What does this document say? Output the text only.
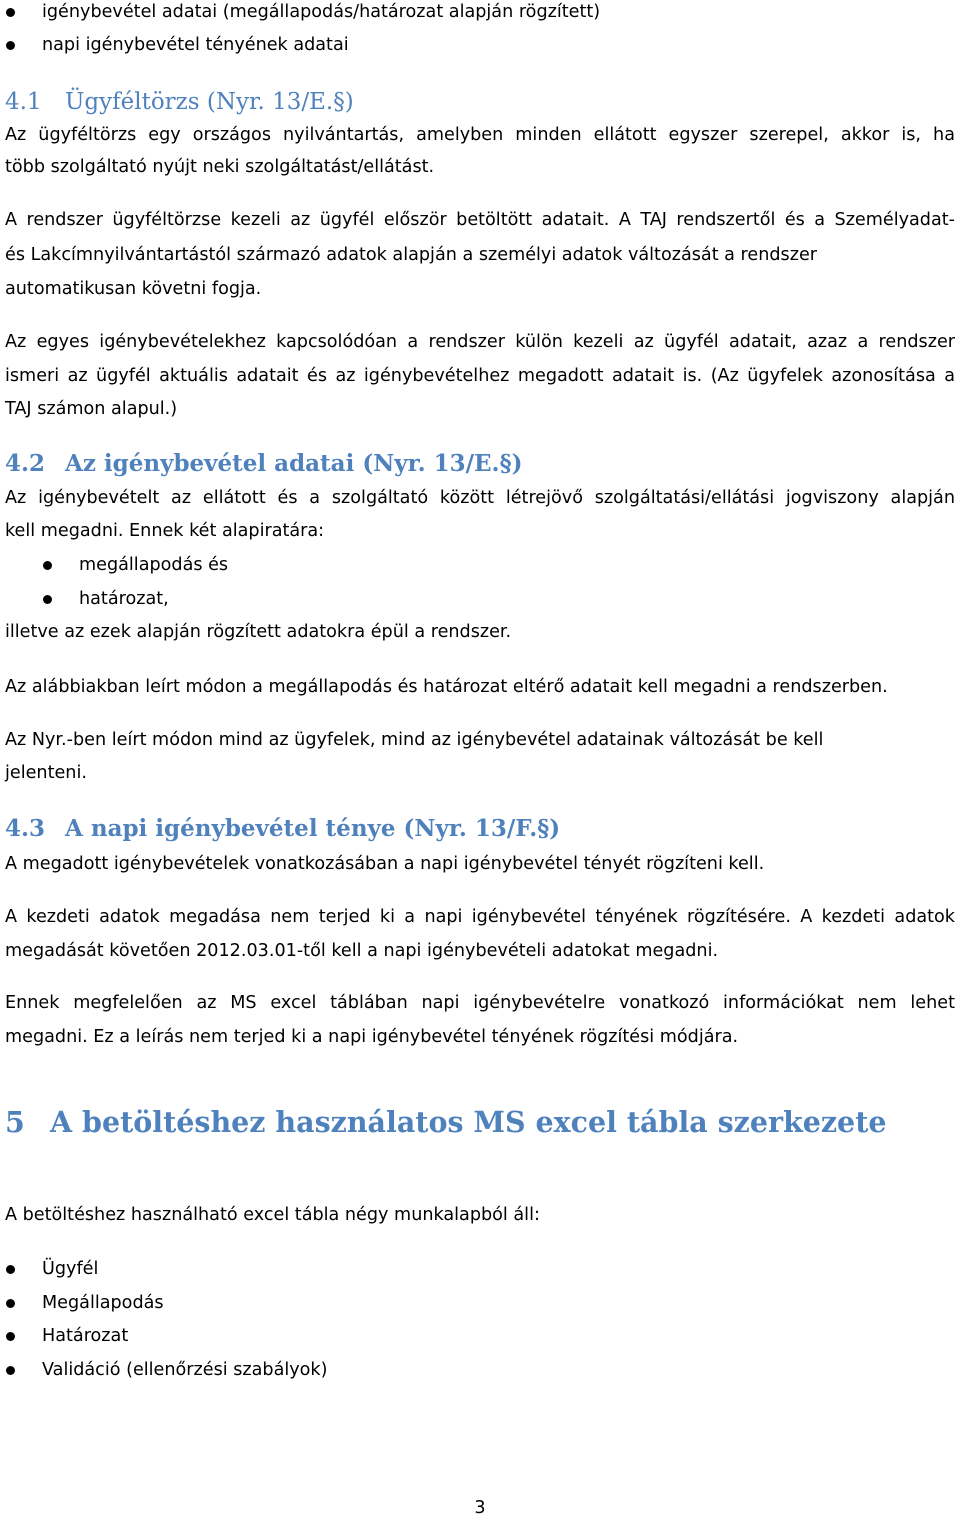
igénybevétel adatai (megállapodás/határozat alapján rögzített)
napi igénybevétel tényének adatai
4.1 Ügyféltörzs (Nyr. 13/E.§)
Az ügyféltörzs egy országos nyilvántartás, amelyben minden ellátott egyszer szerepel, akkor is, ha
több szolgáltató nyújt neki szolgáltatást/ellátást.
A rendszer ügyféltörzse kezeli az ügyfél először betöltött adatait. A TAJ rendszertől és a Személyadat-
és Lakcímnyilvántartástól származó adatok alapján a személyi adatok változását a rendszer
automatikusan követni fogja.
Az egyes igénybevételekhez kapcsolódóan a rendszer külön kezeli az ügyfél adatait, azaz a rendszer
ismeri az ügyfél aktuális adatait és az igénybevételhez megadott adatait is. (Az ügyfelek azonosítása a
TAJ számon alapul.)
4.2 Az igénybevétel adatai (Nyr. 13/E.§)
Az igénybevételt az ellátott és a szolgáltató között létrejövő szolgáltatási/ellátási jogviszony alapján
kell megadni. Ennek két alapiratára:
megállapodás és
határozat,
illetve az ezek alapján rögzített adatokra épül a rendszer.
Az alábbiakban leírt módon a megállapodás és határozat eltérő adatait kell megadni a rendszerben.
Az Nyr.-ben leírt módon mind az ügyfelek, mind az igénybevétel adatainak változását be kell
jelenteni.
4.3 A napi igénybevétel ténye (Nyr. 13/F.§)
A megadott igénybevételek vonatkozásában a napi igénybevétel tényét rögzíteni kell.
A kezdeti adatok megadása nem terjed ki a napi igénybevétel tényének rögzítésére. A kezdeti adatok
megadását követően 2012.03.01-től kell a napi igénybevételi adatokat megadni.
Ennek megfelelően az MS excel táblában napi igénybevételre vonatkozó információkat nem lehet
megadni. Ez a leírás nem terjed ki a napi igénybevétel tényének rögzítési módjára.
5 A betöltéshez használatos MS excel tábla szerkezete
A betöltéshez használható excel tábla négy munkalapból áll:
Ügyfél
Megállapodás
Határozat
Validáció (ellenőrzési szabályok)
3
